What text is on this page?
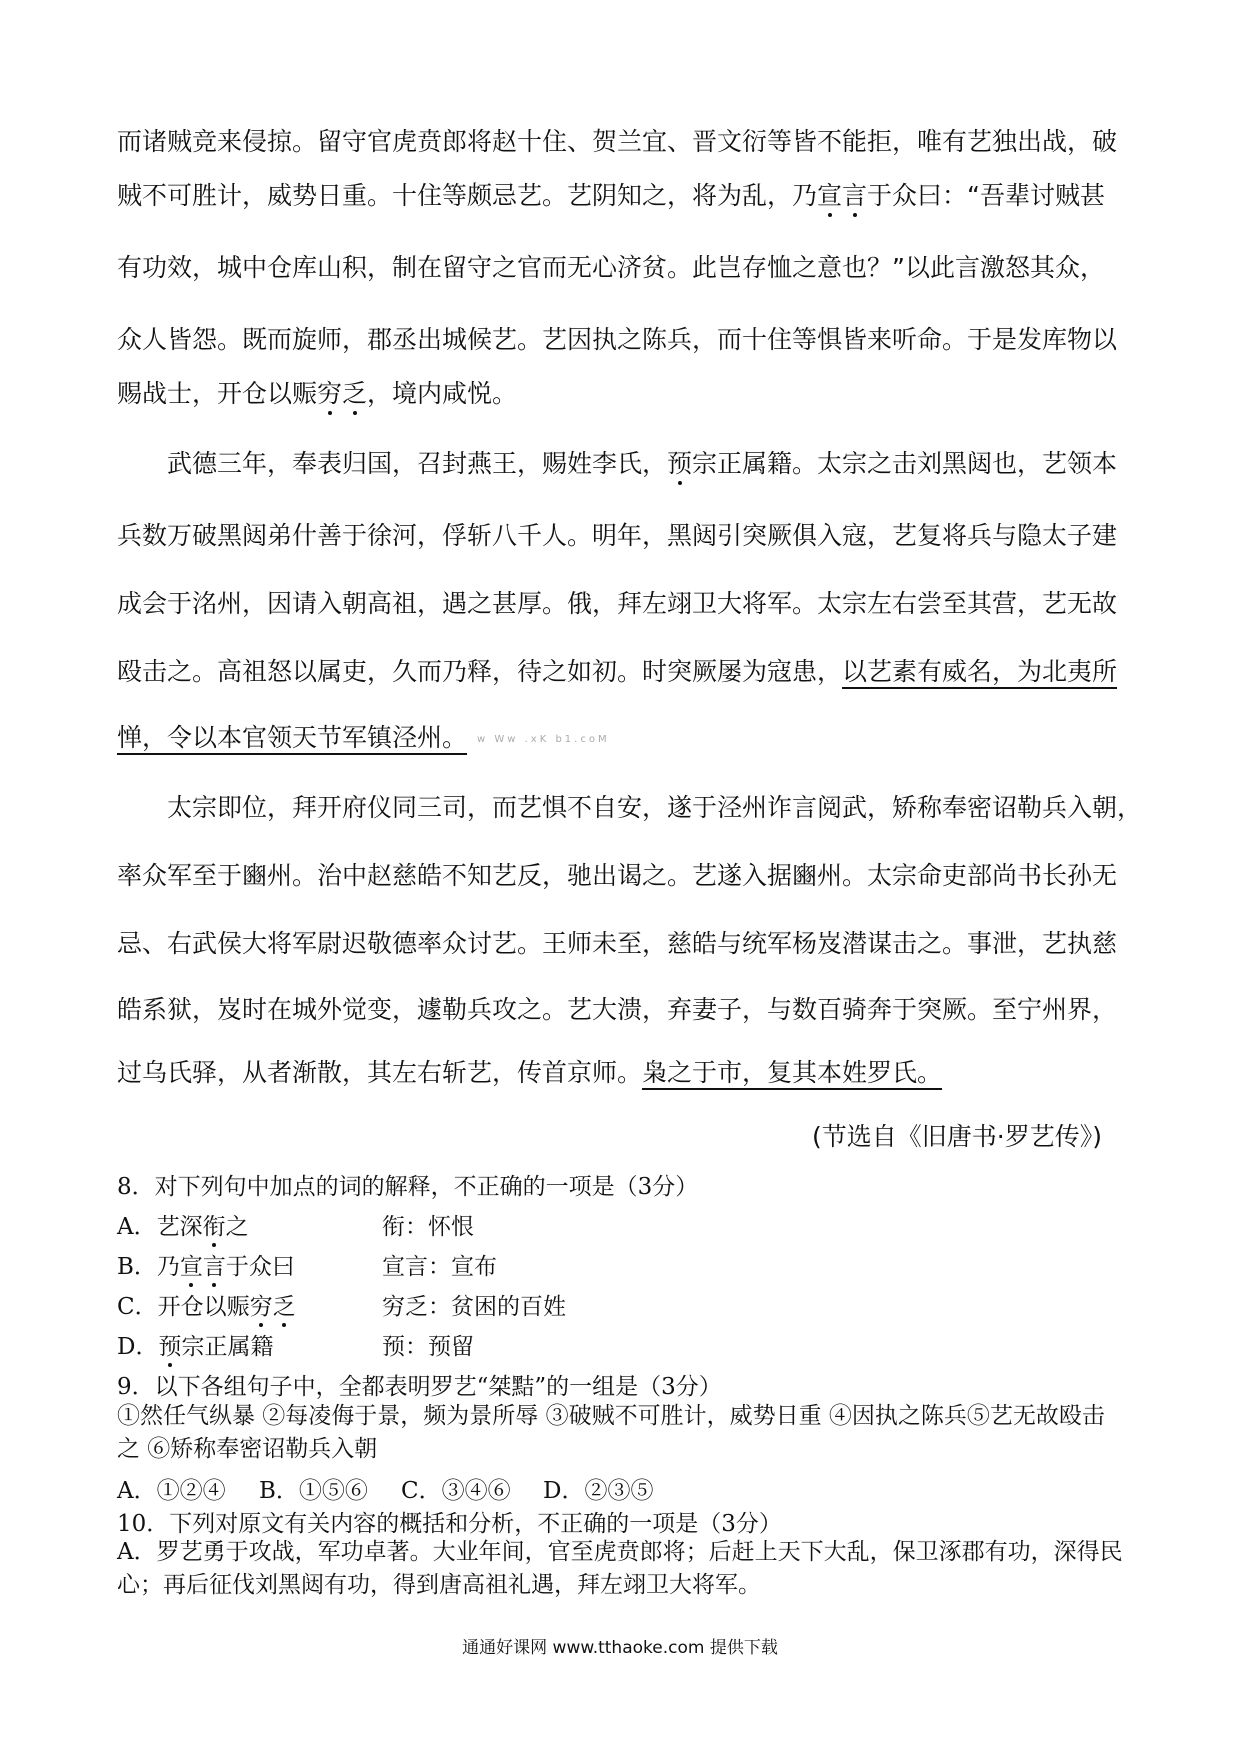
而诸贼竞来侵掠。留守官虎贲郎将赵十住、贺兰宜、晋文衍等皆不能拒，唯有艺独出战，破
贼不可胜计，威势日重。十住等颇忌艺。艺阴知之，将为乱，乃宣言于众曰：“吾辈讨贼甚
有功效，城中仓库山积，制在留守之官而无心济贫。此岂存恤之意也？”以此言激怒其众，
众人皆怨。既而旋师，郡丞出城候艺。艺因执之陈兵，而十住等惧皆来听命。于是发库物以
赐战士，开仓以赈穷乏，境内咸悦。
武德三年，奉表归国，召封燕王，赐姓李氏，预宗正属籍。太宗之击刘黑闼也，艺领本
兵数万破黑闼弟什善于徐河，俘斩八千人。明年，黑闼引突厥俱入寇，艺复将兵与隐太子建
成会于洺州，因请入朝高祖，遇之甚厚。俄，拜左翊卫大将军。太宗左右尝至其营，艺无故
殴击之。高祖怒以属吏，久而乃释，待之如初。时突厥屡为寇患，以艺素有威名，为北夷所
惮，令以本官领天节军镇泾州。 w Ww .xK b1.coM
太宗即位，拜开府仪同三司，而艺惧不自安，遂于泾州诈言阅武，矫称奉密诏勒兵入朝，
率众军至于豳州。治中赵慈皓不知艺反，驰出谒之。艺遂入据豳州。太宗命吏部尚书长孙无
忌、右武侯大将军尉迟敬德率众讨艺。王师未至，慈皓与统军杨岌潜谋击之。事泄，艺执慈
皓系狱，岌时在城外觉变，遽勒兵攻之。艺大溃，弃妻子，与数百骑奔于突厥。至宁州界，
过乌氏驿，从者渐散，其左右斩艺，传首京师。枭之于市，复其本姓罗氏。
(节选自《旧唐书·罗艺传》)
8．对下列句中加点的词的解释，不正确的一项是（3分）
A．艺深衔之	衔：怀恨
B．乃宣言于众曰	宣言：宣布
C．开仓以赈穷乏	穷乏：贫困的百姓
D．预宗正属籍	预：预留
9．以下各组句子中，全都表明罗艺“桀黠”的一组是（3分）
①然任气纵暴 ②每凌侮于景，频为景所辱 ③破贼不可胜计，威势日重 ④因执之陈兵⑤艺无故殴击之 ⑥矫称奉密诏勒兵入朝
A．①②④ B．①⑤⑥ C．③④⑥ D．②③⑤
10．下列对原文有关内容的概括和分析，不正确的一项是（3分）
A．罗艺勇于攻战，军功卓著。大业年间，官至虎贲郎将；后赶上天下大乱，保卫涿郡有功，深得民心；再后征伐刘黑闼有功，得到唐高祖礼遇，拜左翊卫大将军。
通通好课网 www.tthaoke.com 提供下载
